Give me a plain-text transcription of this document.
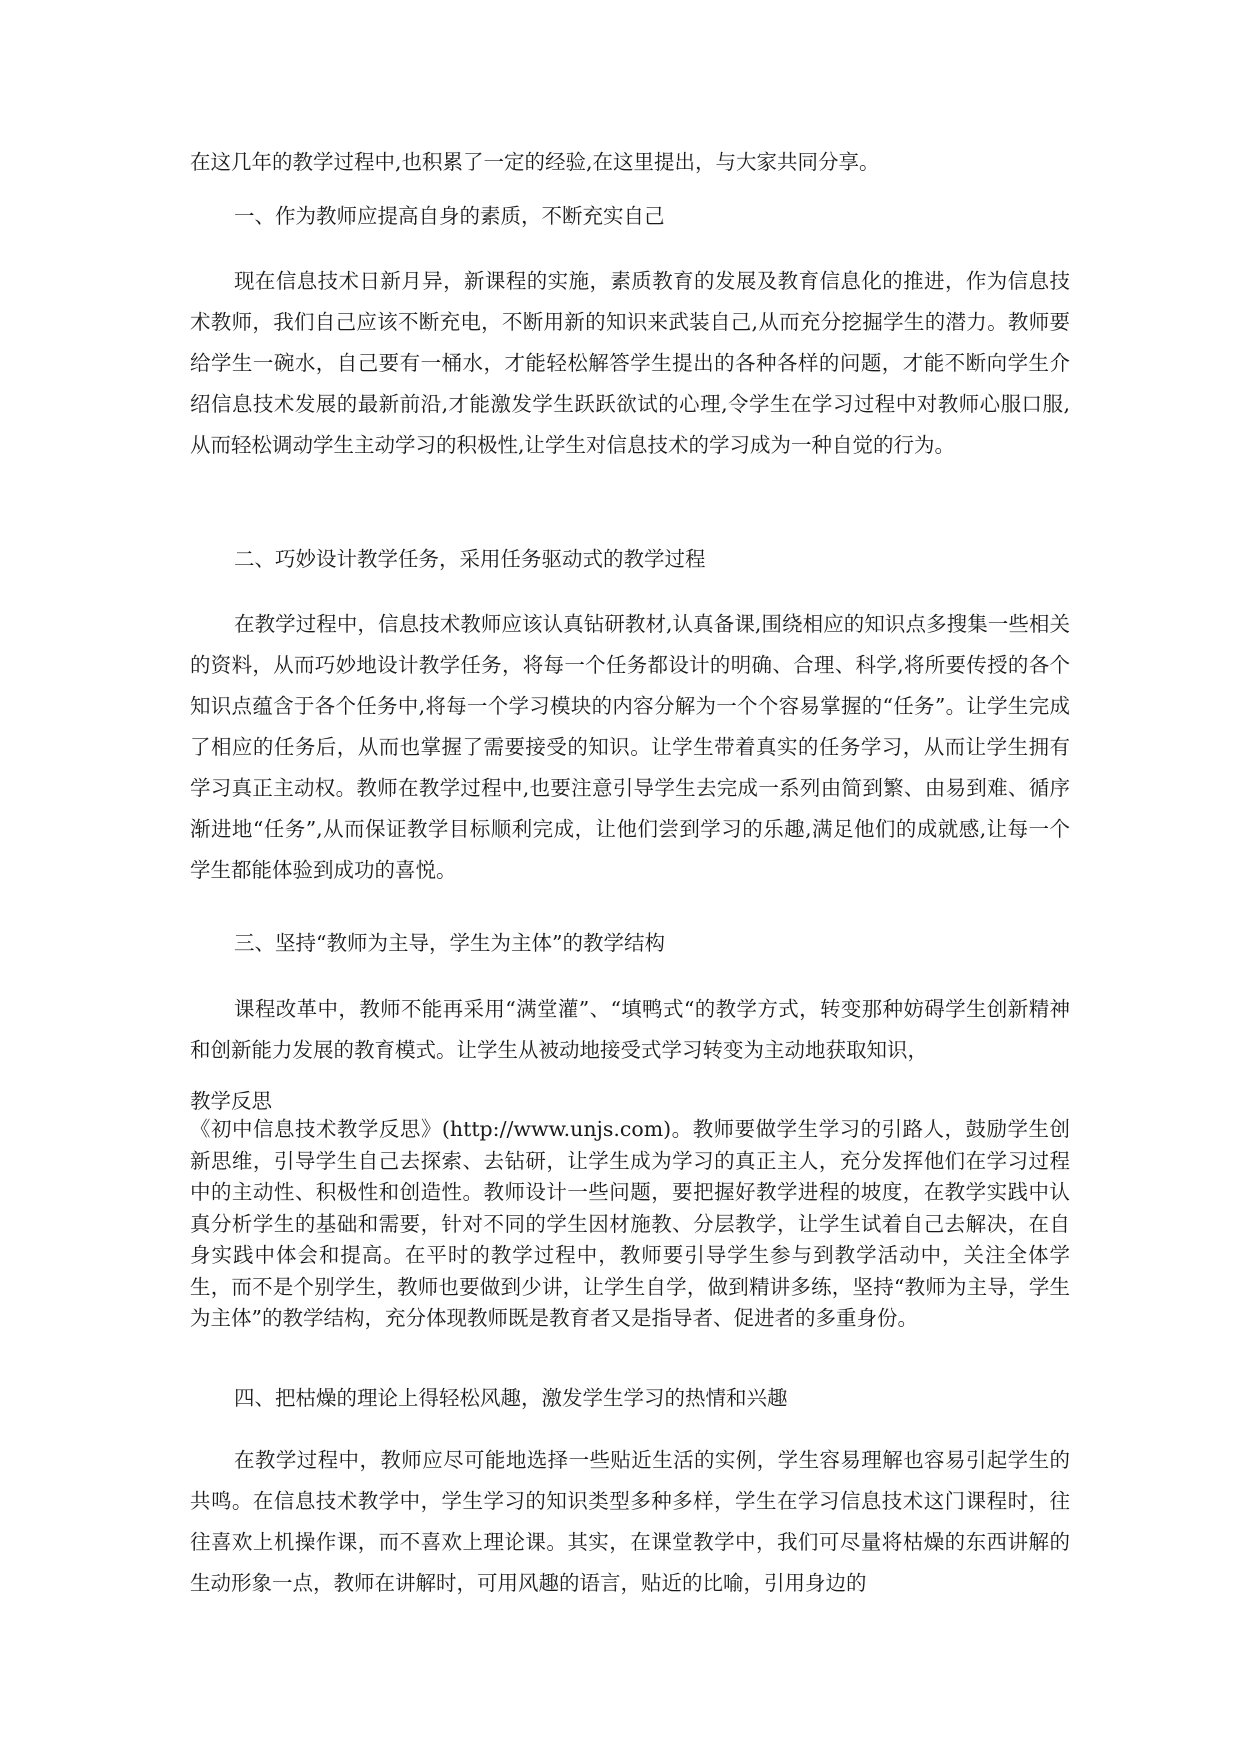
在这几年的教学过程中,也积累了一定的经验,在这里提出，与大家共同分享。

一、作为教师应提高自身的素质，不断充实自己

现在信息技术日新月异，新课程的实施，素质教育的发展及教育信息化的推进，作为信息技术教师，我们自己应该不断充电，不断用新的知识来武装自己,从而充分挖掘学生的潜力。教师要给学生一碗水，自己要有一桶水，才能轻松解答学生提出的各种各样的问题，才能不断向学生介绍信息技术发展的最新前沿,才能激发学生跃跃欲试的心理,令学生在学习过程中对教师心服口服,从而轻松调动学生主动学习的积极性,让学生对信息技术的学习成为一种自觉的行为。

二、巧妙设计教学任务，采用任务驱动式的教学过程

在教学过程中，信息技术教师应该认真钻研教材,认真备课,围绕相应的知识点多搜集一些相关的资料，从而巧妙地设计教学任务，将每一个任务都设计的明确、合理、科学,将所要传授的各个知识点蕴含于各个任务中,将每一个学习模块的内容分解为一个个容易掌握的“任务”。让学生完成了相应的任务后，从而也掌握了需要接受的知识。让学生带着真实的任务学习，从而让学生拥有学习真正主动权。教师在教学过程中,也要注意引导学生去完成一系列由简到繁、由易到难、循序渐进地“任务”,从而保证教学目标顺利完成，让他们尝到学习的乐趣,满足他们的成就感,让每一个学生都能体验到成功的喜悦。

三、坚持“教师为主导，学生为主体”的教学结构

课程改革中，教师不能再采用“满堂灌”、“填鸭式“的教学方式，转变那种妨碍学生创新精神和创新能力发展的教育模式。让学生从被动地接受式学习转变为主动地获取知识，

教学反思

《初中信息技术教学反思》(http://www.unjs.com)。教师要做学生学习的引路人，鼓励学生创新思维，引导学生自己去探索、去钻研，让学生成为学习的真正主人，充分发挥他们在学习过程中的主动性、积极性和创造性。教师设计一些问题，要把握好教学进程的坡度，在教学实践中认真分析学生的基础和需要，针对不同的学生因材施教、分层教学，让学生试着自己去解决，在自身实践中体会和提高。在平时的教学过程中，教师要引导学生参与到教学活动中，关注全体学生，而不是个别学生，教师也要做到少讲，让学生自学，做到精讲多练，坚持“教师为主导，学生为主体”的教学结构，充分体现教师既是教育者又是指导者、促进者的多重身份。

四、把枯燥的理论上得轻松风趣，激发学生学习的热情和兴趣

在教学过程中，教师应尽可能地选择一些贴近生活的实例，学生容易理解也容易引起学生的共鸣。在信息技术教学中，学生学习的知识类型多种多样，学生在学习信息技术这门课程时，往往喜欢上机操作课，而不喜欢上理论课。其实，在课堂教学中，我们可尽量将枯燥的东西讲解的生动形象一点，教师在讲解时，可用风趣的语言，贴近的比喻，引用身边的
